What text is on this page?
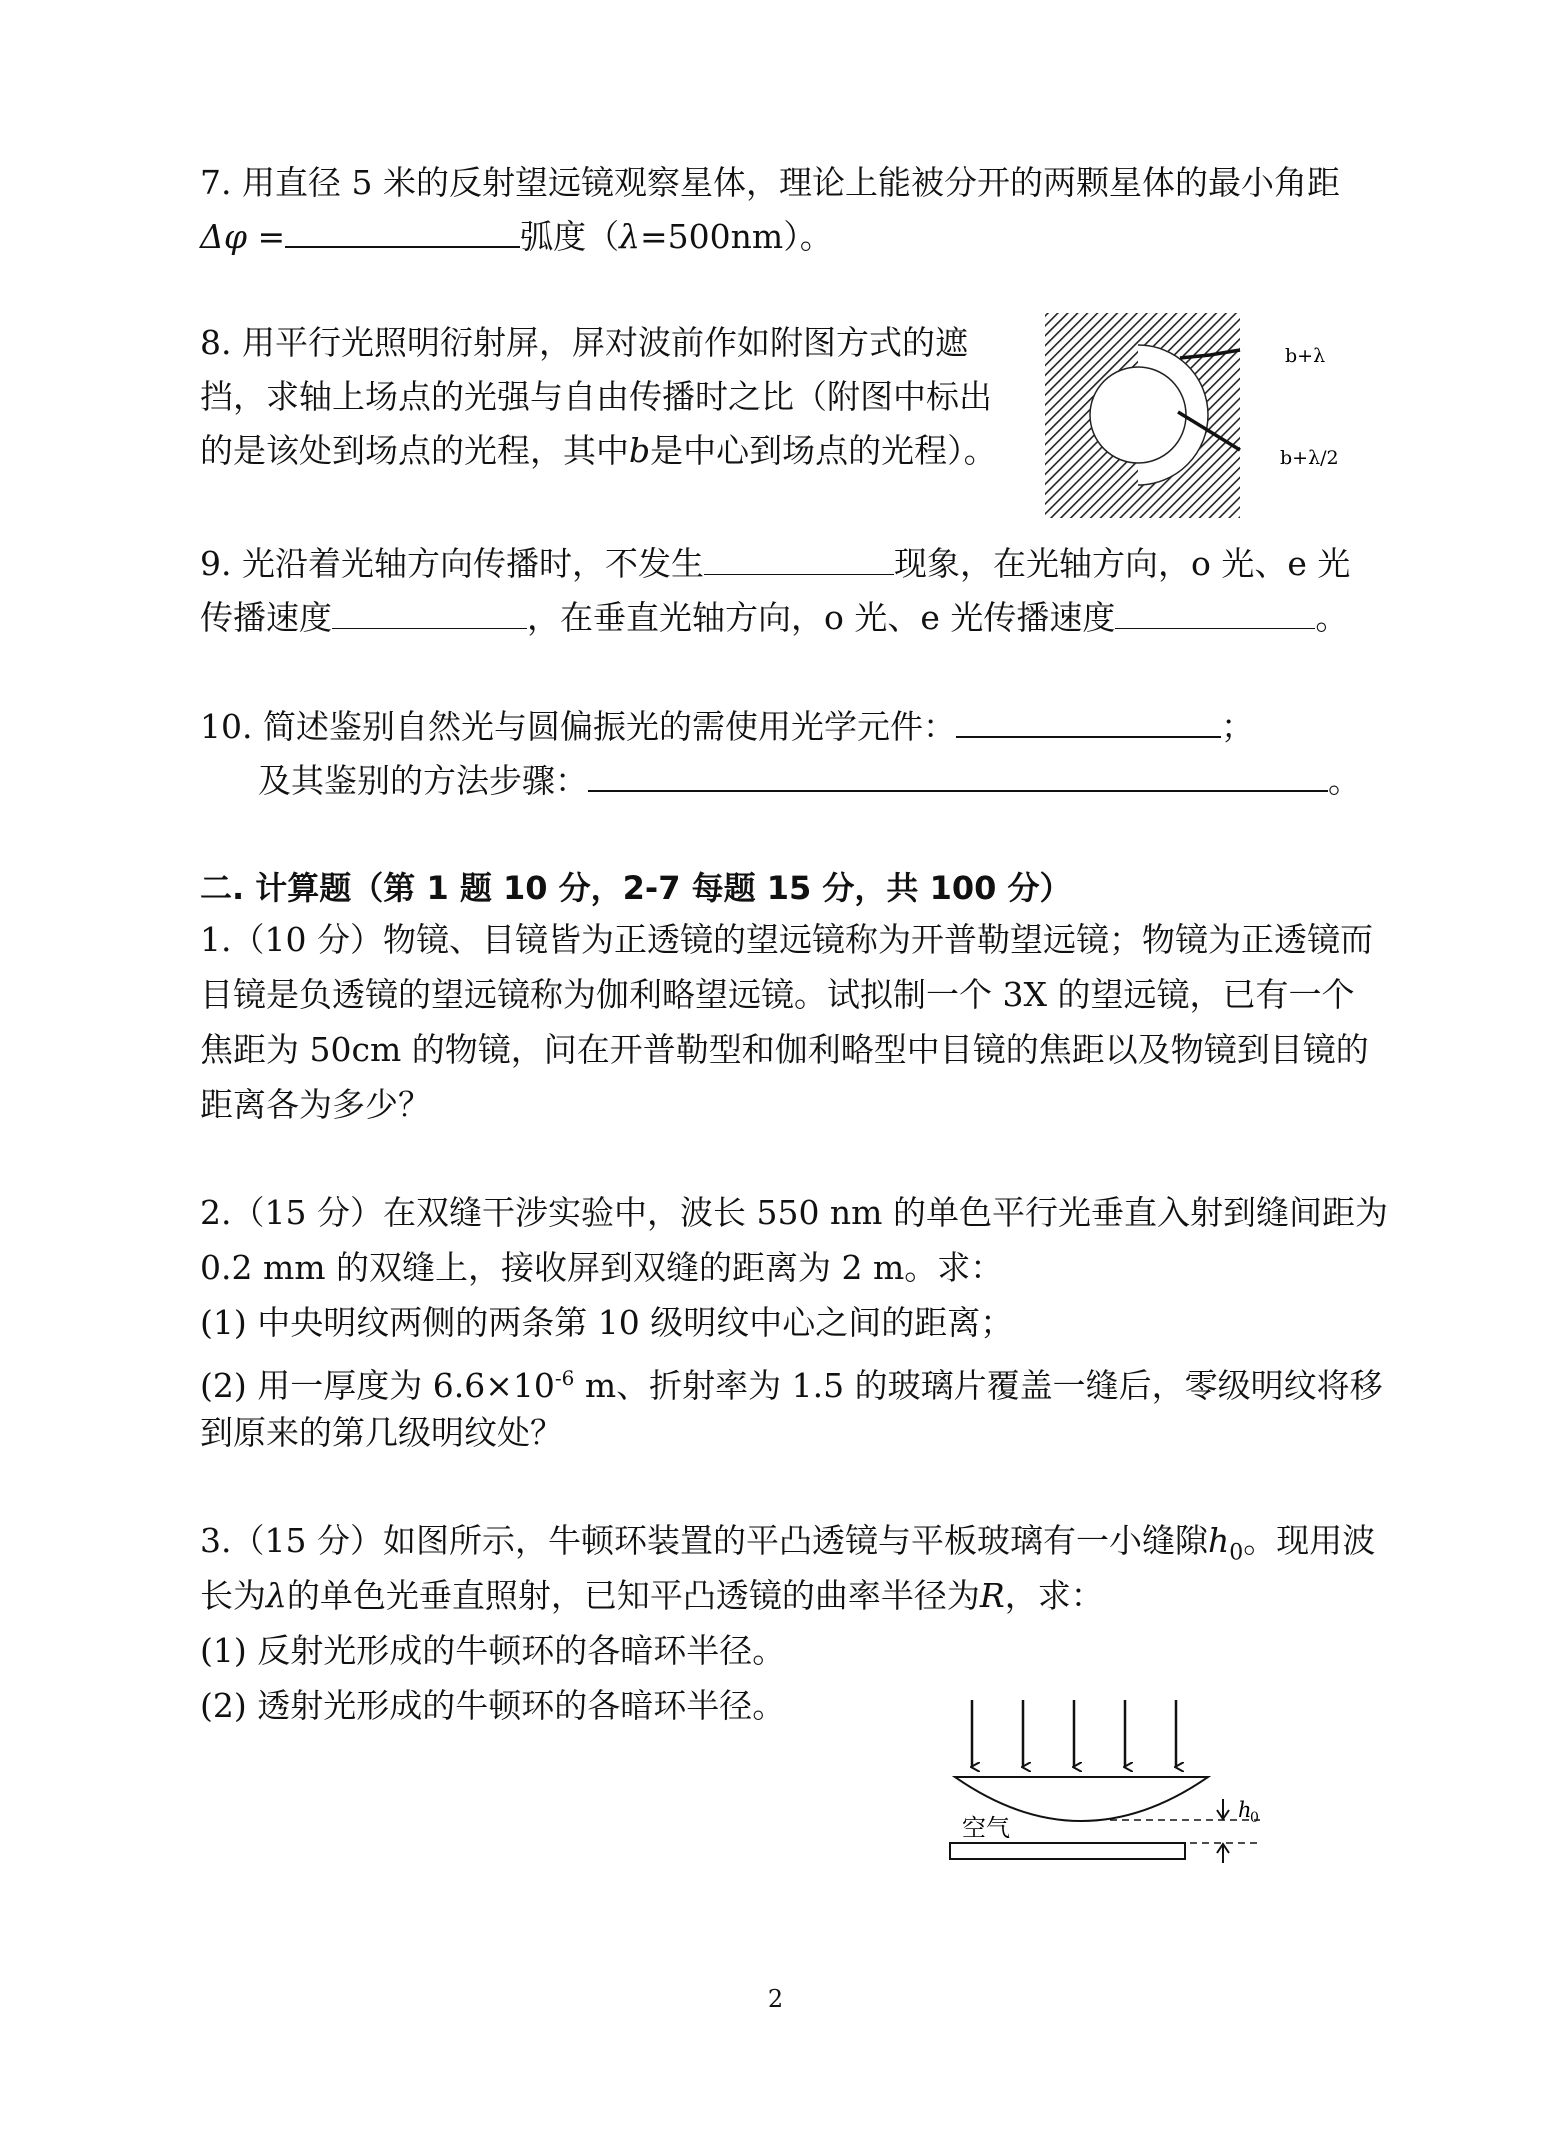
7. 用直径 5 米的反射望远镜观察星体，理论上能被分开的两颗星体的最小角距
Δφ =	弧度（λ=500nm）。
8. 用平行光照明衍射屏，屏对波前作如附图方式的遮
挡，求轴上场点的光强与自由传播时之比（附图中标出
的是该处到场点的光程，其中b是中心到场点的光程）。
b+λ
b+λ/2
9. 光沿着光轴方向传播时，不发生	现象，在光轴方向，o 光、e 光
传播速度	，在垂直光轴方向，o 光、e 光传播速度	。
10. 简述鉴别自然光与圆偏振光的需使用光学元件：	；
及其鉴别的方法步骤：	。
二. 计算题（第 1 题 10 分，2-7 每题 15 分，共 100 分）
1.（10 分）物镜、目镜皆为正透镜的望远镜称为开普勒望远镜；物镜为正透镜而
目镜是负透镜的望远镜称为伽利略望远镜。试拟制一个 3X 的望远镜，已有一个
焦距为 50cm 的物镜，问在开普勒型和伽利略型中目镜的焦距以及物镜到目镜的
距离各为多少？
2.（15 分）在双缝干涉实验中，波长 550 nm 的单色平行光垂直入射到缝间距为
0.2 mm 的双缝上，接收屏到双缝的距离为 2 m。求：
(1) 中央明纹两侧的两条第 10 级明纹中心之间的距离；
(2) 用一厚度为 $6.6\times 10^{-6}$ m、折射率为 1.5 的玻璃片覆盖一缝后，零级明纹将移
到原来的第几级明纹处？
3.（15 分）如图所示，牛顿环装置的平凸透镜与平板玻璃有一小缝隙$h_0$。现用波
长为λ的单色光垂直照射，已知平凸透镜的曲率半径为R，求：
(1) 反射光形成的牛顿环的各暗环半径。
(2) 透射光形成的牛顿环的各暗环半径。
h
0
空气
2
